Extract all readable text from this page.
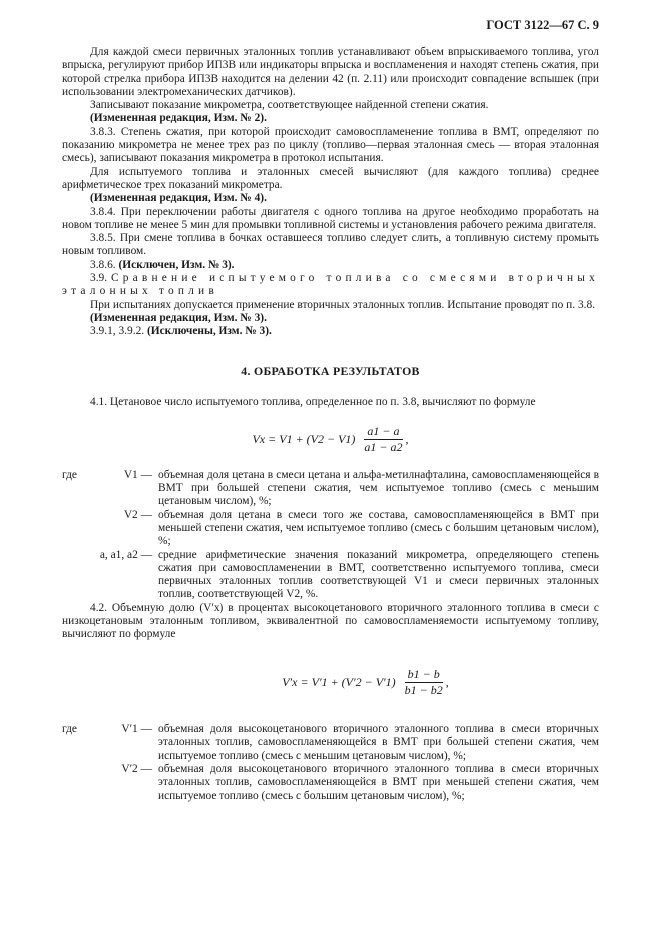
ГОСТ 3122—67 С. 9

Для каждой смеси первичных эталонных топлив устанавливают объем впрыскиваемого топлива, угол впрыска, регулируют прибор ИП3В или индикаторы впрыска и воспламенения и находят степень сжатия, при которой стрелка прибора ИП3В находится на делении 42 (п. 2.11) или происходит совпадение вспышек (при использовании электромеханических датчиков).

Записывают показание микрометра, соответствующее найденной степени сжатия.

(Измененная редакция, Изм. № 2).

3.8.3. Степень сжатия, при которой происходит самовоспламенение топлива в ВМТ, определяют по показанию микрометра не менее трех раз по циклу (топливо—первая эталонная смесь — вторая эталонная смесь), записывают показания микрометра в протокол испытания.

Для испытуемого топлива и эталонных смесей вычисляют (для каждого топлива) среднее арифметическое трех показаний микрометра.

(Измененная редакция, Изм. № 4).

3.8.4. При переключении работы двигателя с одного топлива на другое необходимо проработать на новом топливе не менее 5 мин для промывки топливной системы и установления рабочего режима двигателя.

3.8.5. При смене топлива в бочках оставшееся топливо следует слить, а топливную систему промыть новым топливом.

3.8.6. (Исключен, Изм. № 3).

3.9. Сравнение испытуемого топлива со смесями вторичных эталонных топлив

При испытаниях допускается применение вторичных эталонных топлив. Испытание проводят по п. 3.8.

(Измененная редакция, Изм. № 3).

3.9.1, 3.9.2. (Исключены, Изм. № 3).

4. ОБРАБОТКА РЕЗУЛЬТАТОВ

4.1. Цетановое число испытуемого топлива, определенное по п. 3.8, вычисляют по формуле

$Vx = V1 + (V2 - V1) \frac{a1 - a}{a1 - a2}$ ,
где	V1 — объемная доля цетана в смеси цетана и альфа-метилнафталина, самовоспламеняющейся в ВМТ при большей степени сжатия, чем испытуемое топливо (смесь с меньшим цетановым числом), %;
V2 — объемная доля цетана в смеси того же состава, самовоспламеняющейся в ВМТ при меньшей степени сжатия, чем испытуемое топливо (смесь с большим цетановым числом), %;
a, a1, a2 — средние арифметические значения показаний микрометра, определяющего степень сжатия при самовоспламенении в ВМТ, соответственно испытуемого топлива, смеси первичных эталонных топлив соответствующей V1 и смеси первичных эталонных топлив, соответствующей V2, %.

4.2. Объемную долю (V′x) в процентах высокоцетанового вторичного эталонного топлива в смеси с низкоцетановым эталонным топливом, эквивалентной по самовоспламеняемости испытуемому топливу, вычисляют по формуле

$V'x = V'1 + (V'2 - V'1) \frac{b1 - b}{b1 - b2}$ ,
где	V′1 — объемная доля высокоцетанового вторичного эталонного топлива в смеси вторичных эталонных топлив, самовоспламеняющейся в ВМТ при большей степени сжатия, чем испытуемое топливо (смесь с меньшим цетановым числом), %;
V′2 — объемная доля высокоцетанового вторичного эталонного топлива в смеси вторичных эталонных топлив, самовоспламеняющейся в ВМТ при меньшей степени сжатия, чем испытуемое топливо (смесь с большим цетановым числом), %;
